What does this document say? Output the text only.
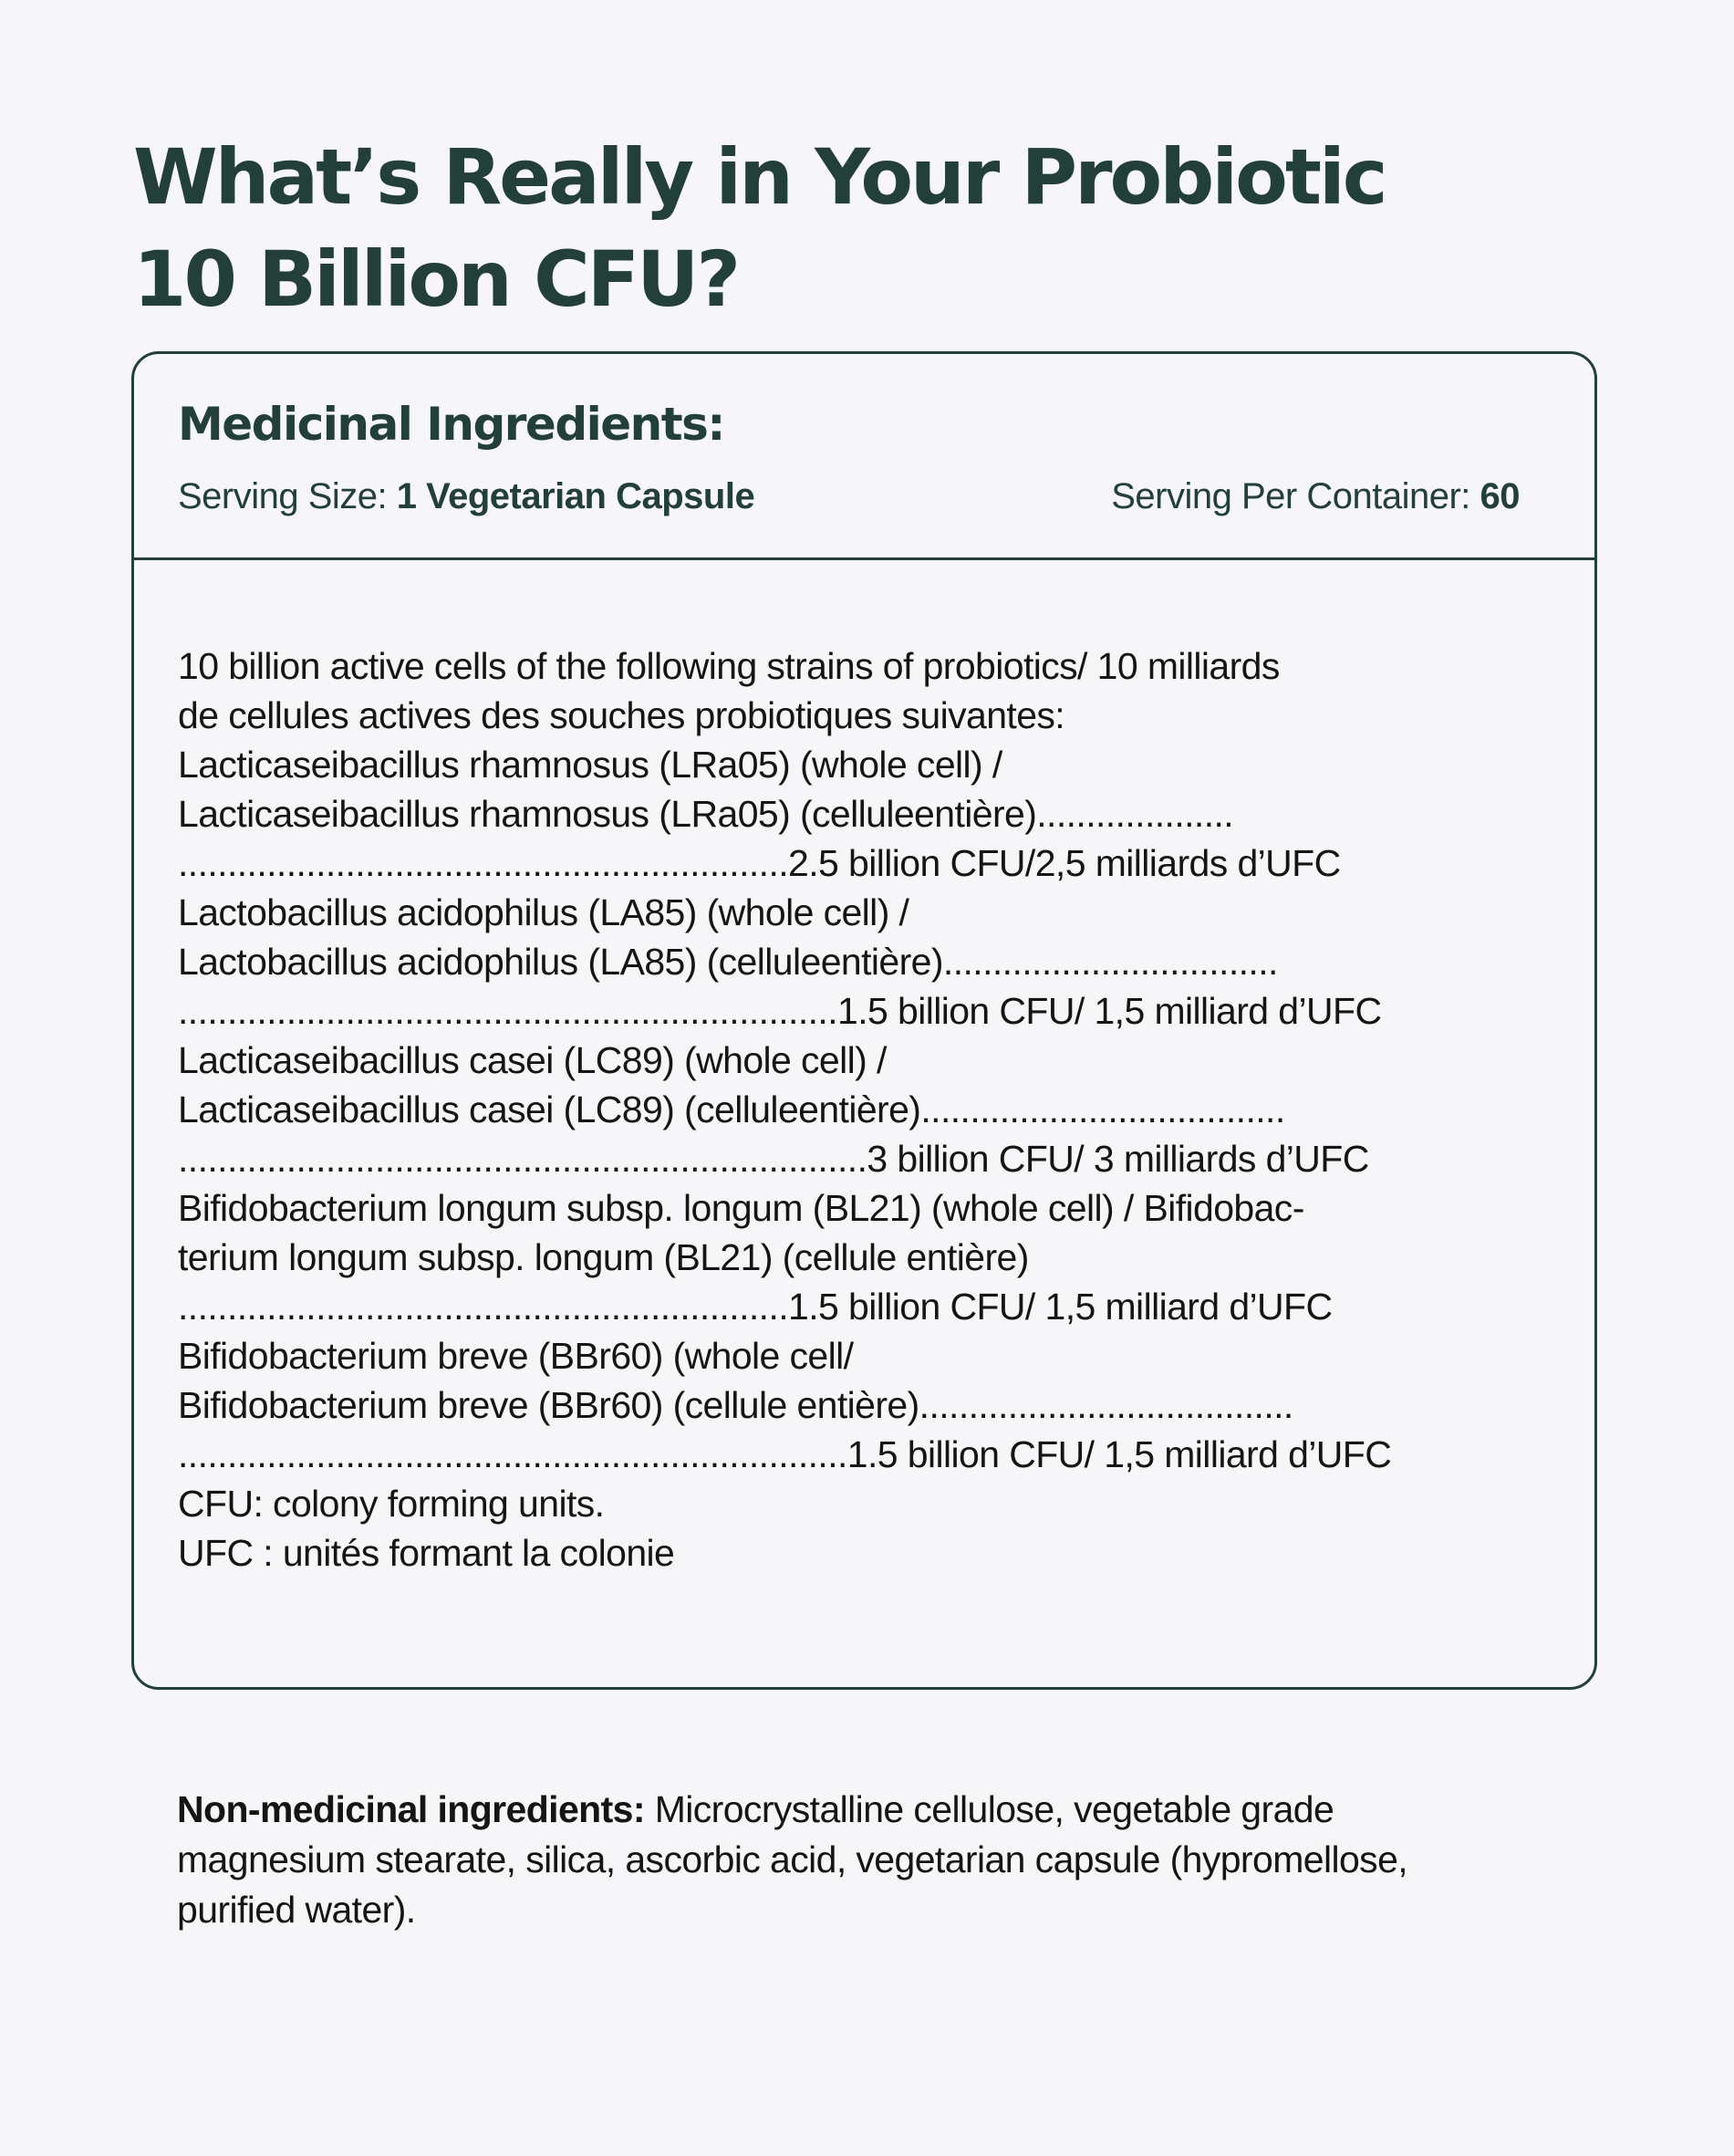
What’s Really in Your Probiotic
10 Billion CFU?
Medicinal Ingredients:
Serving Size: 1 Vegetarian Capsule	Serving Per Container: 60
10 billion active cells of the following strains of probiotics/ 10 milliards
de cellules actives des souches probiotiques suivantes:
Lacticaseibacillus rhamnosus (LRa05) (whole cell) /
Lacticaseibacillus rhamnosus (LRa05) (celluleentière)....................
..............................................................2.5 billion CFU/2,5 milliards d’UFC
Lactobacillus acidophilus (LA85) (whole cell) /
Lactobacillus acidophilus (LA85) (celluleentière)..................................
...................................................................1.5 billion CFU/ 1,5 milliard d’UFC
Lacticaseibacillus casei (LC89) (whole cell) /
Lacticaseibacillus casei (LC89) (celluleentière).....................................
......................................................................3 billion CFU/ 3 milliards d’UFC
Bifidobacterium longum subsp. longum (BL21) (whole cell) / Bifidobac-
terium longum subsp. longum (BL21) (cellule entière)
..............................................................1.5 billion CFU/ 1,5 milliard d’UFC
Bifidobacterium breve (BBr60) (whole cell/
Bifidobacterium breve (BBr60) (cellule entière)......................................
....................................................................1.5 billion CFU/ 1,5 milliard d’UFC
CFU: colony forming units.
UFC : unités formant la colonie

Non-medicinal ingredients: Microcrystalline cellulose, vegetable grade magnesium stearate, silica, ascorbic acid, vegetarian capsule (hypromellose, purified water).
